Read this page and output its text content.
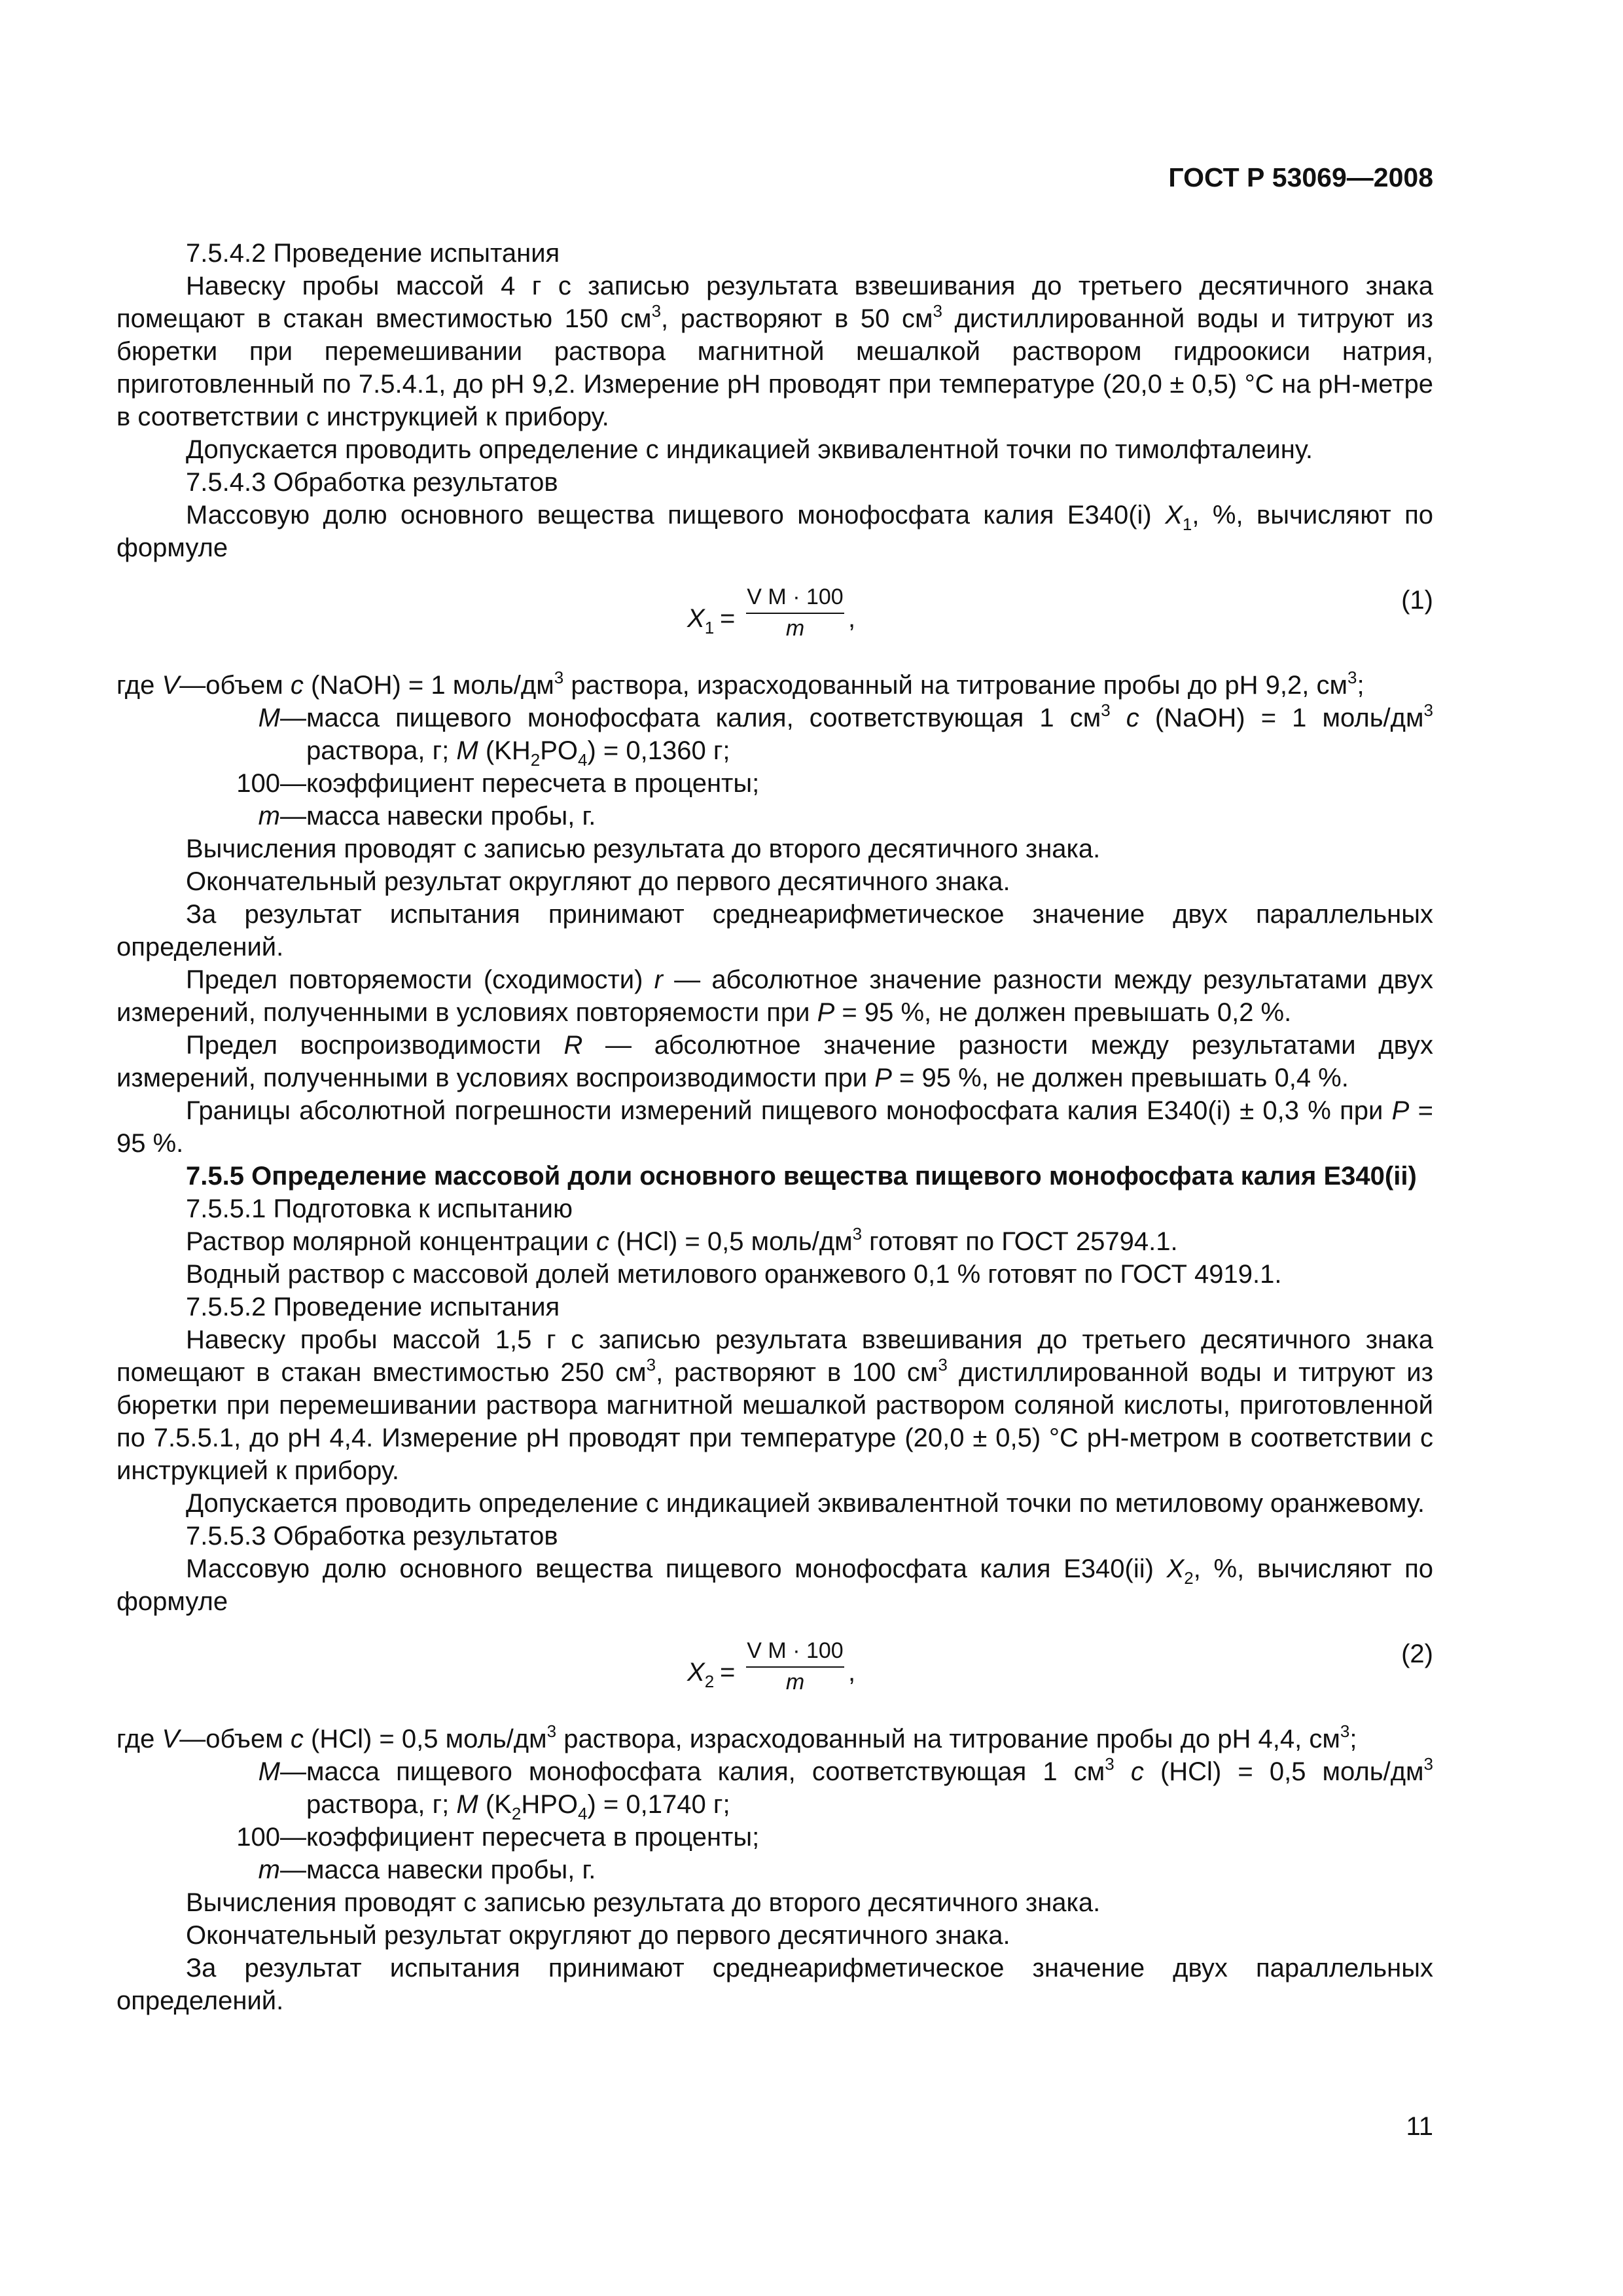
ГОСТ Р 53069—2008

7.5.4.2 Проведение испытания

Навеску пробы массой 4 г с записью результата взвешивания до третьего десятичного знака помещают в стакан вместимостью 150 $см^3$, растворяют в 50 $см^3$ дистиллированной воды и титруют из бюретки при перемешивании раствора магнитной мешалкой раствором гидроокиси натрия, приготовленный по 7.5.4.1, до рН 9,2. Измерение рН проводят при температуре (20,0 ± 0,5) °С на рН-метре в соответствии с инструкцией к прибору.

Допускается проводить определение с индикацией эквивалентной точки по тимолфталеину.

7.5.4.3 Обработка результатов

Массовую долю основного вещества пищевого монофосфата калия Е340(i) $X_1$, %, вычисляют по формуле

$X_1 = \frac{\text{V M · 100}}{m}$ ,
(1)
где V — объем c (NaOH) = 1 моль/$дм^3$ раствора, израсходованный на титрование пробы до рН 9,2, $см^3$;
M — масса пищевого монофосфата калия, соответствующая 1 $см^3$ c (NaOH) = 1 моль/$дм^3$ раствора, г; M $(KH_2PO_4) = 0,1360$ г;
100 — коэффициент пересчета в проценты;
m — масса навески пробы, г.

Вычисления проводят с записью результата до второго десятичного знака.

Окончательный результат округляют до первого десятичного знака.

За результат испытания принимают среднеарифметическое значение двух параллельных определений.

Предел повторяемости (сходимости) r — абсолютное значение разности между результатами двух измерений, полученными в условиях повторяемости при P = 95 %, не должен превышать 0,2 %.

Предел воспроизводимости R — абсолютное значение разности между результатами двух измерений, полученными в условиях воспроизводимости при P = 95 %, не должен превышать 0,4 %.

Границы абсолютной погрешности измерений пищевого монофосфата калия Е340(i) ± 0,3 % при P = 95 %.

7.5.5 Определение массовой доли основного вещества пищевого монофосфата калия Е340(ii)

7.5.5.1 Подготовка к испытанию

Раствор молярной концентрации c (HCl) = 0,5 моль/$дм^3$ готовят по ГОСТ 25794.1.

Водный раствор с массовой долей метилового оранжевого 0,1 % готовят по ГОСТ 4919.1.

7.5.5.2 Проведение испытания

Навеску пробы массой 1,5 г с записью результата взвешивания до третьего десятичного знака помещают в стакан вместимостью 250 $см^3$, растворяют в 100 $см^3$ дистиллированной воды и титруют из бюретки при перемешивании раствора магнитной мешалкой раствором соляной кислоты, приготовленной по 7.5.5.1, до рН 4,4. Измерение рН проводят при температуре (20,0 ± 0,5) °С рН-метром в соответствии с инструкцией к прибору.

Допускается проводить определение с индикацией эквивалентной точки по метиловому оранжевому.

7.5.5.3 Обработка результатов

Массовую долю основного вещества пищевого монофосфата калия Е340(ii) $X_2$, %, вычисляют по формуле

$X_2 = \frac{\text{V M · 100}}{m}$ ,
(2)
где V — объем c (HCl) = 0,5 моль/$дм^3$ раствора, израсходованный на титрование пробы до рН 4,4, $см^3$;
M — масса пищевого монофосфата калия, соответствующая 1 $см^3$ c (HCl) = 0,5 моль/$дм^3$ раствора, г; M $(K_2HPO_4) = 0,1740$ г;
100 — коэффициент пересчета в проценты;
m — масса навески пробы, г.

Вычисления проводят с записью результата до второго десятичного знака.

Окончательный результат округляют до первого десятичного знака.

За результат испытания принимают среднеарифметическое значение двух параллельных определений.

11
